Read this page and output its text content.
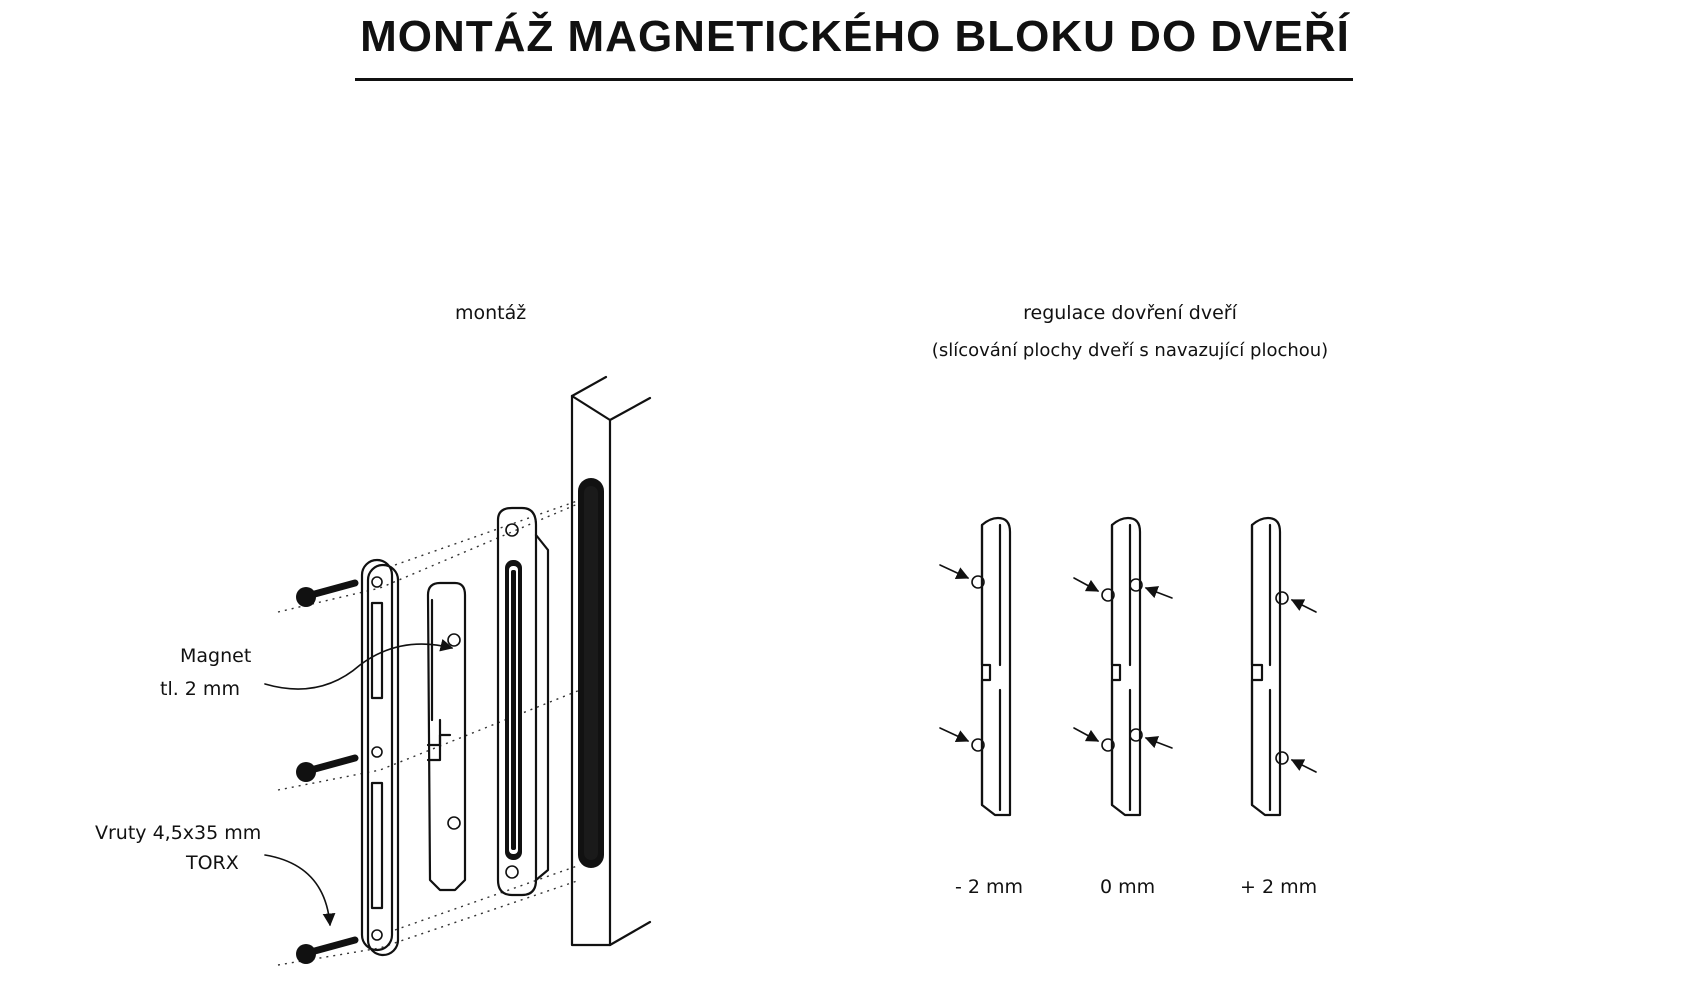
MONTÁŽ MAGNETICKÉHO BLOKU DO DVEŘÍ
montáž
Magnet
tl. 2 mm
Vruty 4,5x35 mm
TORX
regulace dovření dveří
(slícování plochy dveří s navazující plochou)
- 2 mm	0 mm	+ 2 mm
